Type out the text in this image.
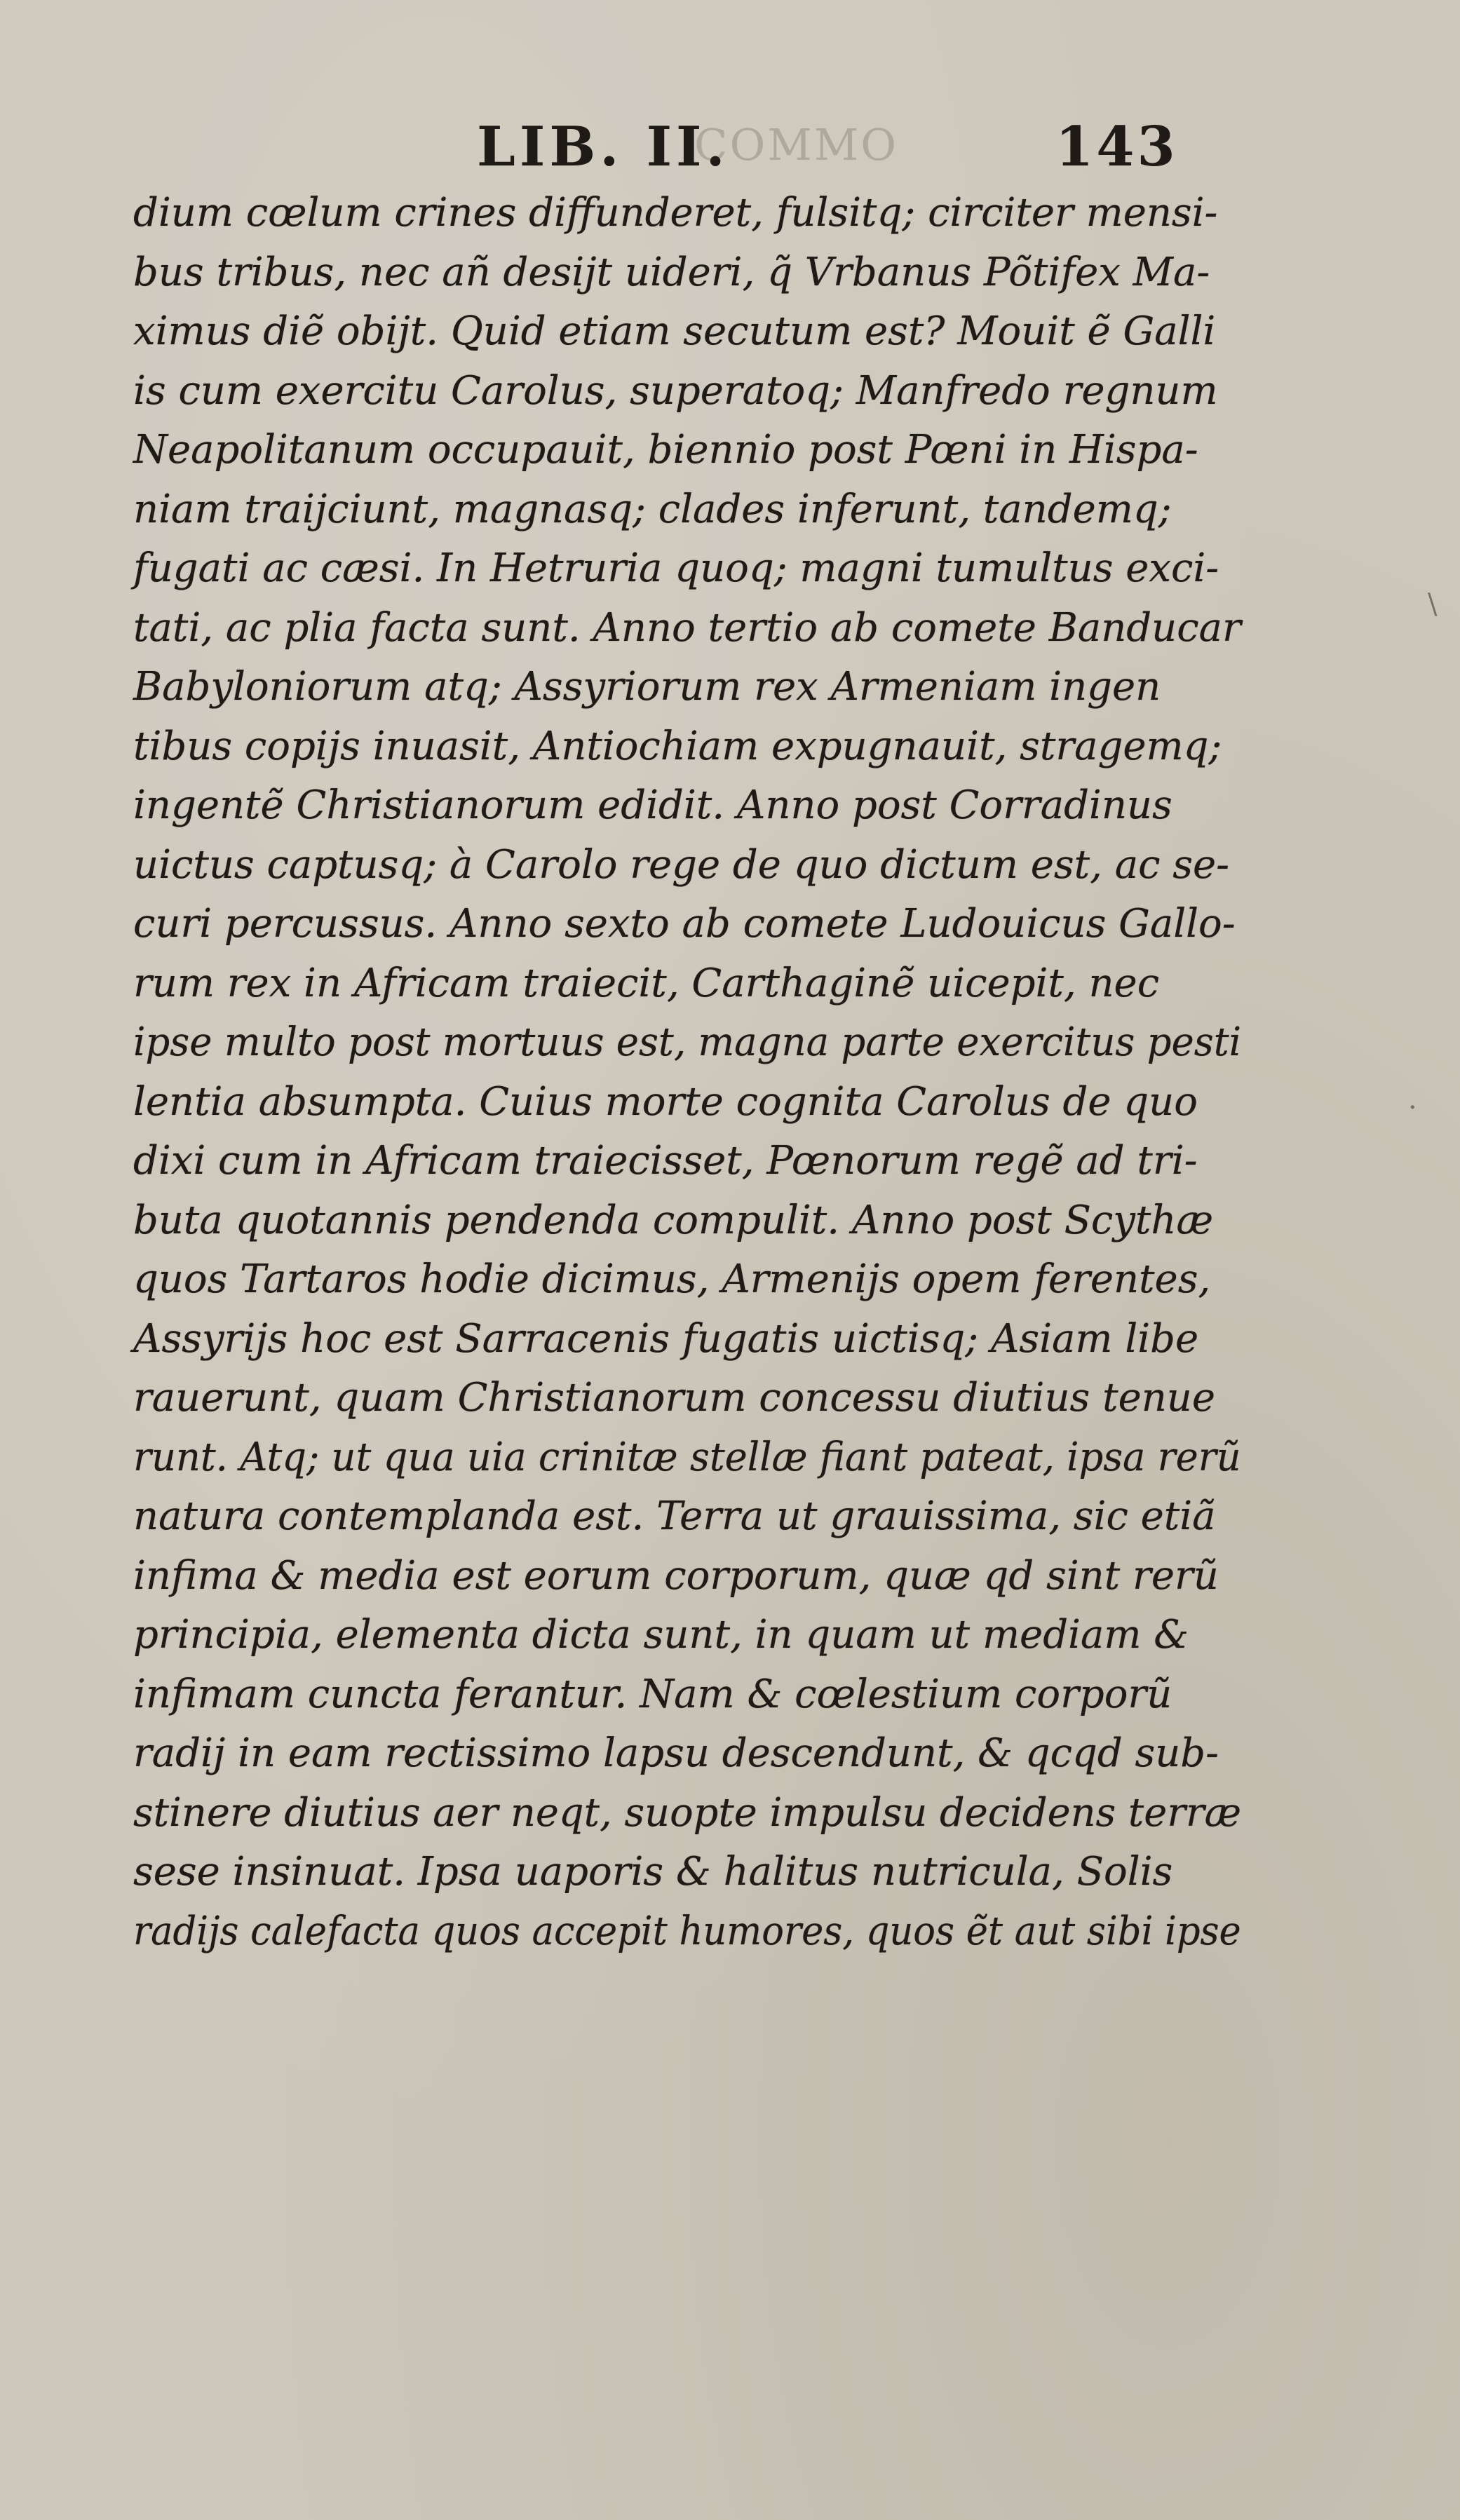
LIB. II.
COMMO	143
dium cœlum crines diffunderet, fulsitq; circiter mensi-
bus tribus, nec añ desijt uideri, q̃ Vrbanus Põtifex Ma-
ximus diẽ obijt. Quid etiam secutum est? Mouit ẽ Galli
is cum exercitu Carolus, superatoq; Manfredo regnum
Neapolitanum occupauit, biennio post Pœni in Hispa-
niam traijciunt, magnasq; clades inferunt, tandemq;
fugati ac cæsi. In Hetruria quoq; magni tumultus exci-
tati, ac plia facta sunt. Anno tertio ab comete Banducar
Babyloniorum atq; Assyriorum rex Armeniam ingen
tibus copijs inuasit, Antiochiam expugnauit, stragemq;
ingentẽ Christianorum edidit. Anno post Corradinus
uictus captusq; à Carolo rege de quo dictum est, ac se-
curi percussus. Anno sexto ab comete Ludouicus Gallo-
rum rex in Africam traiecit, Carthaginẽ uicepit, nec
ipse multo post mortuus est, magna parte exercitus pesti
lentia absumpta. Cuius morte cognita Carolus de quo
dixi cum in Africam traiecisset, Pœnorum regẽ ad tri-
buta quotannis pendenda compulit. Anno post Scythæ
quos Tartaros hodie dicimus, Armenijs opem ferentes,
Assyrijs hoc est Sarracenis fugatis uictisq; Asiam libe
rauerunt, quam Christianorum concessu diutius tenue
runt. Atq; ut qua uia crinitæ stellæ fiant pateat, ipsa rerũ
natura contemplanda est. Terra ut grauissima, sic etiã
infima & media est eorum corporum, quæ qd sint rerũ
principia, elementa dicta sunt, in quam ut mediam &
infimam cuncta ferantur. Nam & cœlestium corporũ
radij in eam rectissimo lapsu descendunt, & qcqd sub-
stinere diutius aer neqt, suopte impulsu decidens terræ
sese insinuat. Ipsa uaporis & halitus nutricula, Solis
radijs calefacta quos accepit humores, quos ẽt aut sibi ipse
\
·
